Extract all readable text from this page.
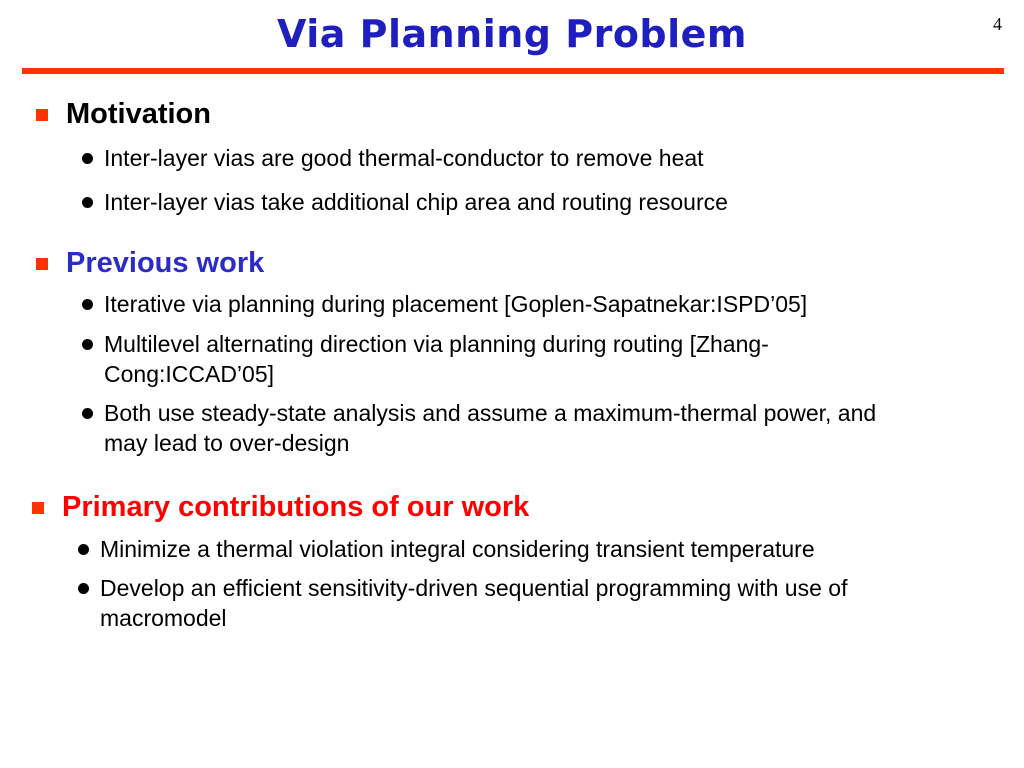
Via Planning Problem	4
Motivation
Inter-layer vias are good thermal-conductor to remove heat
Inter-layer vias take additional chip area and routing resource
Previous work
Iterative via planning during placement [Goplen-Sapatnekar:ISPD’05]
Multilevel alternating direction via planning during routing [Zhang-Cong:ICCAD’05]
Both use steady-state analysis and assume a maximum-thermal power, and may lead to over-design
Primary contributions of our work
Minimize a thermal violation integral considering transient temperature
Develop an efficient sensitivity-driven sequential programming with use of macromodel
